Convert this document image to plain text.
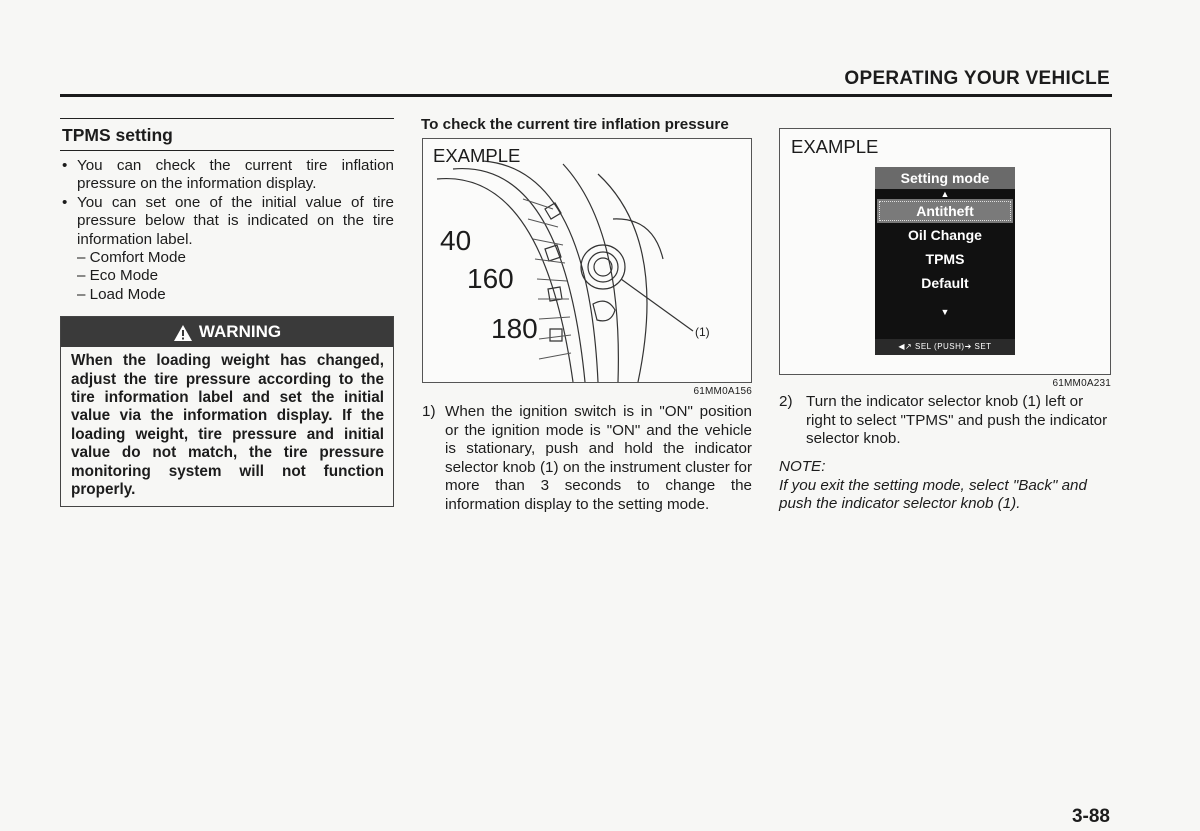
OPERATING YOUR VEHICLE
TPMS setting
• You can check the current tire inflation pressure on the information display.
• You can set one of the initial value of tire pressure below that is indicated on the tire information label.
– Comfort Mode
– Eco Mode
– Load Mode
WARNING
When the loading weight has changed, adjust the tire pressure according to the tire information label and set the initial value via the information display. If the loading weight, tire pressure and initial value do not match, the tire pressure monitoring system will not function properly.
To check the current tire inflation pressure
EXAMPLE
40
160
180	(1)
61MM0A156
1) When the ignition switch is in "ON" position or the ignition mode is "ON" and the vehicle is stationary, push and hold the indicator selector knob (1) on the instrument cluster for more than 3 seconds to change the information display to the setting mode.
EXAMPLE
Setting mode
▲
Antitheft
Oil Change
TPMS
Default
▼
◀↗ SEL (PUSH)➔ SET
61MM0A231
2) Turn the indicator selector knob (1) left or right to select "TPMS" and push the indicator selector knob.
NOTE:
If you exit the setting mode, select "Back" and push the indicator selector knob (1).
3-88
